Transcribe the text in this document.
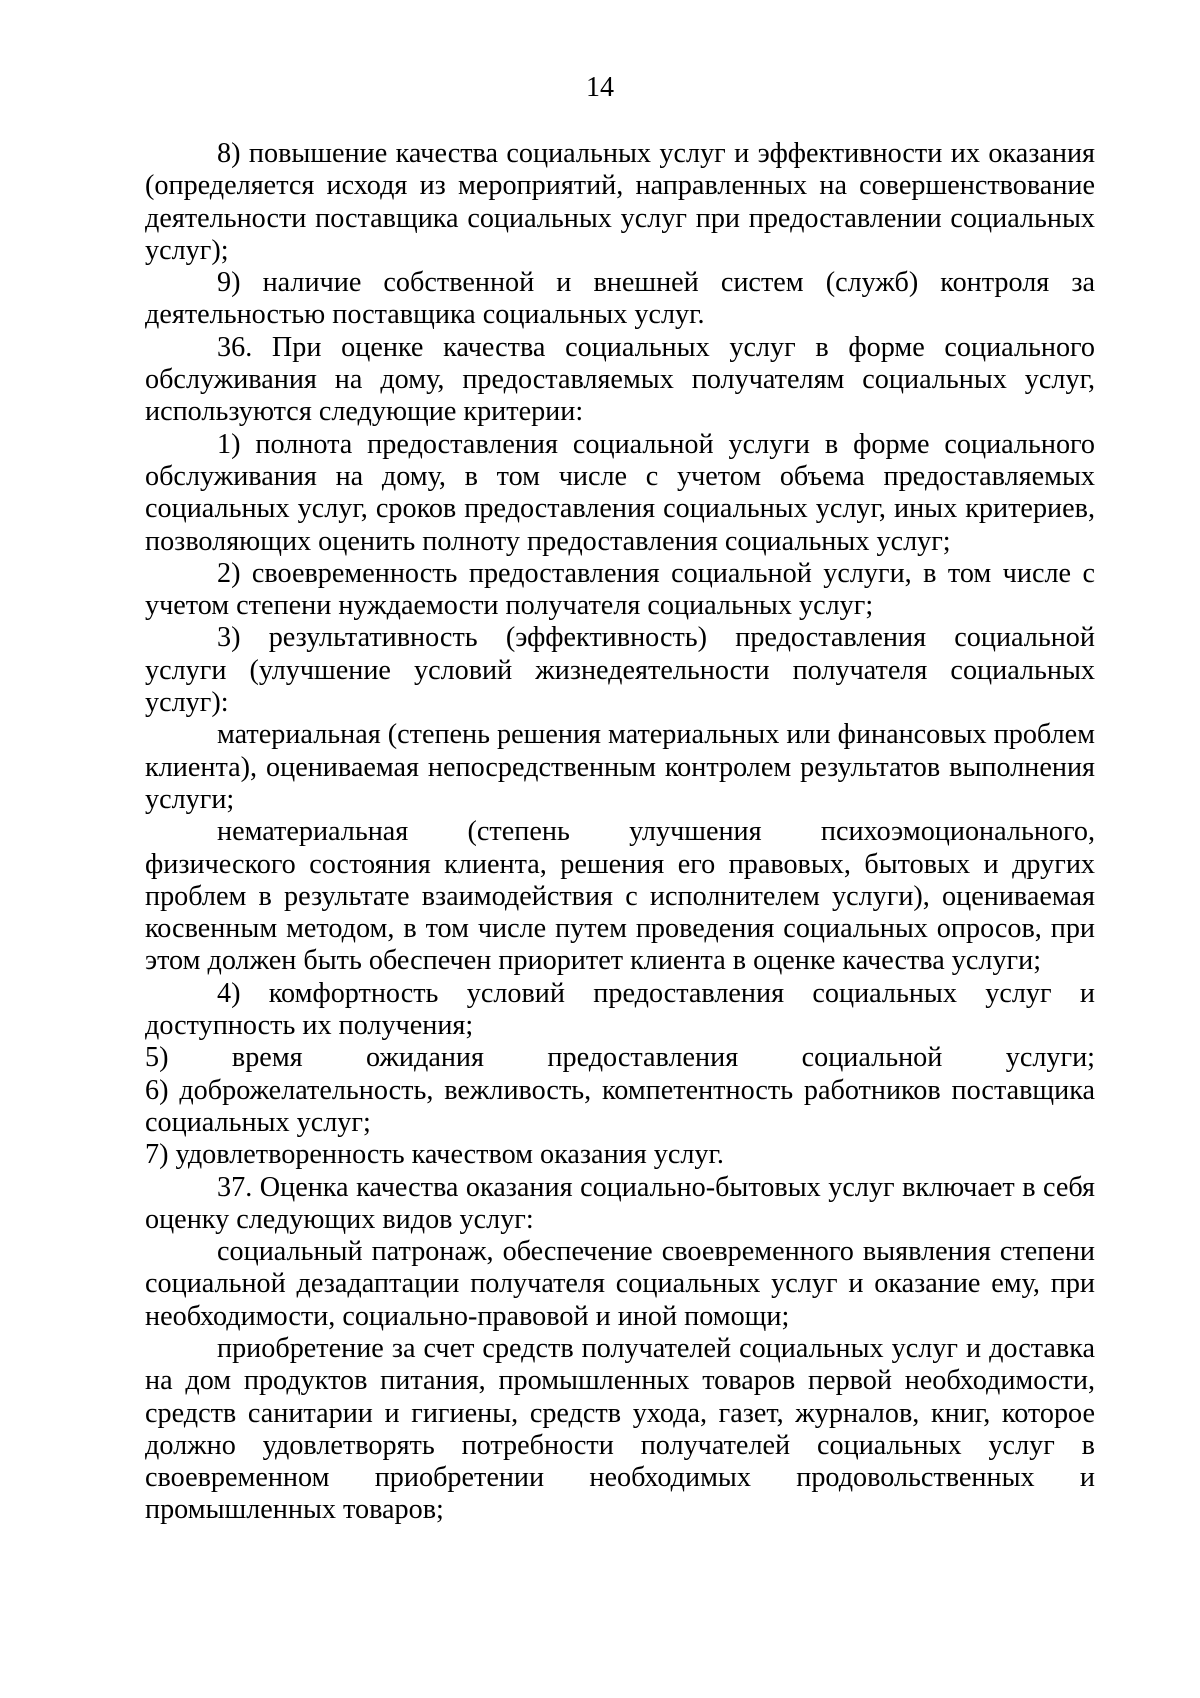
14

8) повышение качества социальных услуг и эффективности их оказания (определяется исходя из мероприятий, направленных на совершенствование деятельности поставщика социальных услуг при предоставлении социальных услуг);

9) наличие собственной и внешней систем (служб) контроля за деятельностью поставщика социальных услуг.

36. При оценке качества социальных услуг в форме социального обслуживания на дому, предоставляемых получателям социальных услуг, используются следующие критерии:

1) полнота предоставления социальной услуги в форме социального обслуживания на дому, в том числе с учетом объема предоставляемых социальных услуг, сроков предоставления социальных услуг, иных критериев, позволяющих оценить полноту предоставления социальных услуг;

2) своевременность предоставления социальной услуги, в том числе с учетом степени нуждаемости получателя социальных услуг;

3) результативность (эффективность) предоставления социальной услуги (улучшение условий жизнедеятельности получателя социальных услуг):

материальная (степень решения материальных или финансовых проблем клиента), оцениваемая непосредственным контролем результатов выполнения услуги;

нематериальная (степень улучшения психоэмоционального, физического состояния клиента, решения его правовых, бытовых и других проблем в результате взаимодействия с исполнителем услуги), оцениваемая косвенным методом, в том числе путем проведения социальных опросов, при этом должен быть обеспечен приоритет клиента в оценке качества услуги;

4) комфортность условий предоставления социальных услуг и доступность их получения;

5) время ожидания предоставления социальной услуги;

6) доброжелательность, вежливость, компетентность работников поставщика социальных услуг;

7) удовлетворенность качеством оказания услуг.

37. Оценка качества оказания социально-бытовых услуг включает в себя оценку следующих видов услуг:

социальный патронаж, обеспечение своевременного выявления степени социальной дезадаптации получателя социальных услуг и оказание ему, при необходимости, социально-правовой и иной помощи;

приобретение за счет средств получателей социальных услуг и доставка на дом продуктов питания, промышленных товаров первой необходимости, средств санитарии и гигиены, средств ухода, газет, журналов, книг, которое должно удовлетворять потребности получателей социальных услуг в своевременном приобретении необходимых продовольственных и промышленных товаров;
